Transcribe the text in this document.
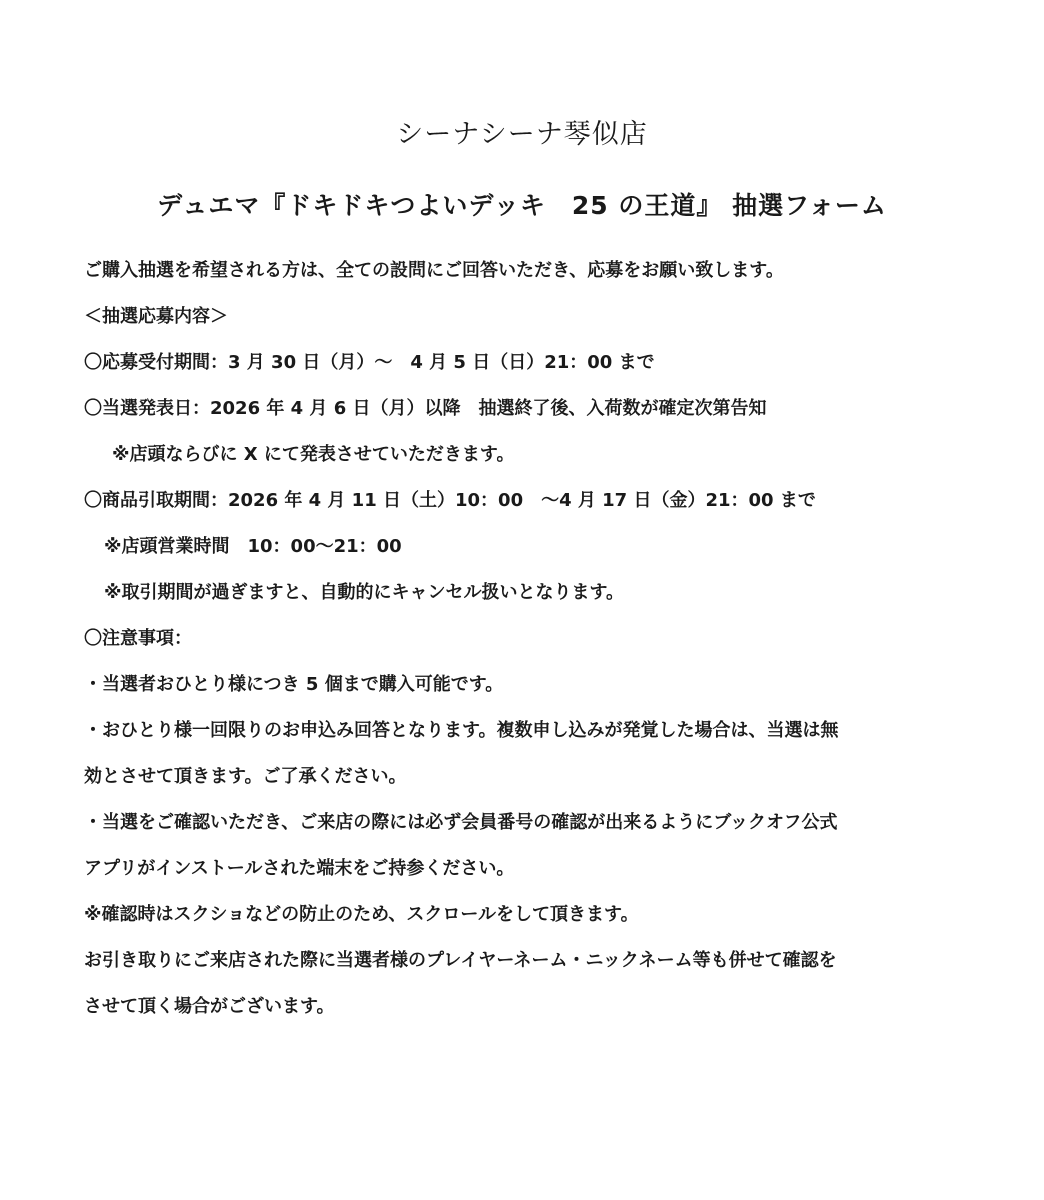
シーナシーナ琴似店
デュエマ『ドキドキつよいデッキ　25 の王道』 抽選フォーム
ご購入抽選を希望される方は、全ての設問にご回答いただき、応募をお願い致します。
＜抽選応募内容＞
〇応募受付期間：3 月 30 日（月）～　4 月 5 日（日）21：00 まで
〇当選発表日：2026 年 4 月 6 日（月）以降　抽選終了後、入荷数が確定次第告知
※店頭ならびに X にて発表させていただきます。
〇商品引取期間：2026 年 4 月 11 日（土）10：00　～4 月 17 日（金）21：00 まで
※店頭営業時間　10：00～21：00
※取引期間が過ぎますと、自動的にキャンセル扱いとなります。
〇注意事項：
・当選者おひとり様につき 5 個まで購入可能です。
・おひとり様一回限りのお申込み回答となります。複数申し込みが発覚した場合は、当選は無
効とさせて頂きます。ご了承ください。
・当選をご確認いただき、ご来店の際には必ず会員番号の確認が出来るようにブックオフ公式
アプリがインストールされた端末をご持参ください。
※確認時はスクショなどの防止のため、スクロールをして頂きます。
お引き取りにご来店された際に当選者様のプレイヤーネーム・ニックネーム等も併せて確認を
させて頂く場合がございます。
